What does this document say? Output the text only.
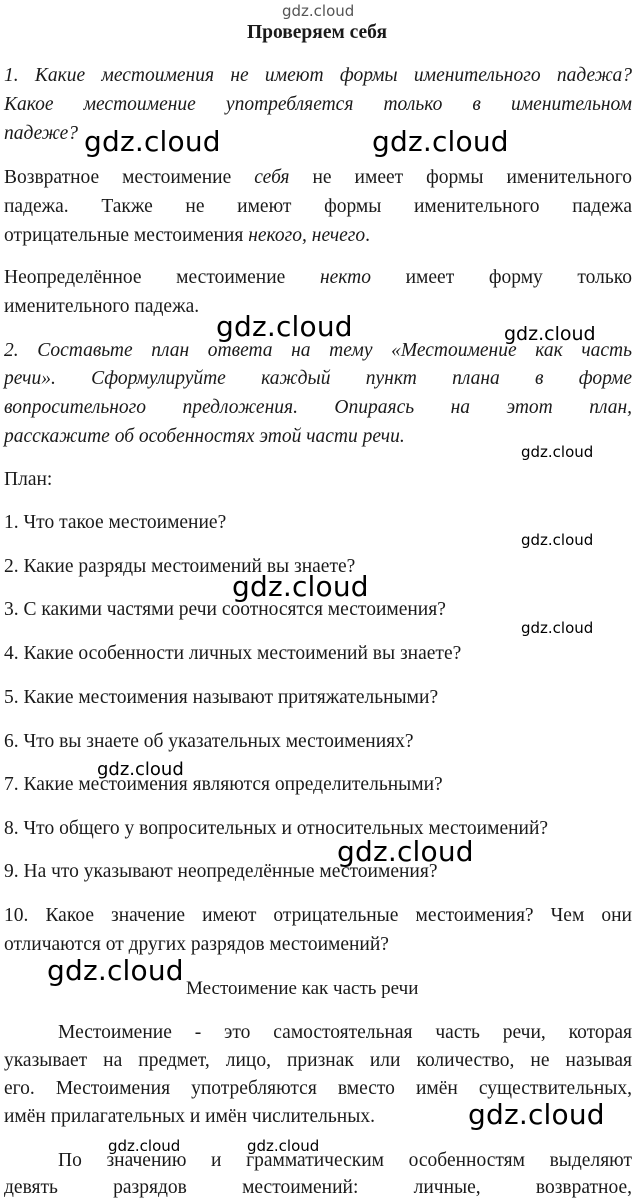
gdz.cloud
Проверяем себя
1. Какие местоимения не имеют формы именительного падежа?
Какое местоимение употребляется только в именительном
падеже?
Возвратное местоимение себя не имеет формы именительного
падежа. Также не имеют формы именительного падежа
отрицательные местоимения некого, нечего.
Неопределённое местоимение некто имеет форму только
именительного падежа.
2. Составьте план ответа на тему «Местоимение как часть
речи». Сформулируйте каждый пункт плана в форме
вопросительного предложения. Опираясь на этот план,
расскажите об особенностях этой части речи.
План:
1. Что такое местоимение?
2. Какие разряды местоимений вы знаете?
3. С какими частями речи соотносятся местоимения?
4. Какие особенности личных местоимений вы знаете?
5. Какие местоимения называют притяжательными?
6. Что вы знаете об указательных местоимениях?
7. Какие местоимения являются определительными?
8. Что общего у вопросительных и относительных местоимений?
9. На что указывают неопределённые местоимения?
10. Какое значение имеют отрицательные местоимения? Чем они
отличаются от других разрядов местоимений?
Местоимение - это самостоятельная часть речи, которая
указывает на предмет, лицо, признак или количество, не называя
его. Местоимения употребляются вместо имён существительных,
имён прилагательных и имён числительных.
По значению и грамматическим особенностям выделяют
девять разрядов местоимений: личные, возвратное,
Местоимение как часть речи
gdz.cloud	gdz.cloud
gdz.cloud	gdz.cloud
gdz.cloud
gdz.cloud
gdz.cloud
gdz.cloud
gdz.cloud
gdz.cloud
gdz.cloud
gdz.cloud
gdz.cloud	gdz.cloud
